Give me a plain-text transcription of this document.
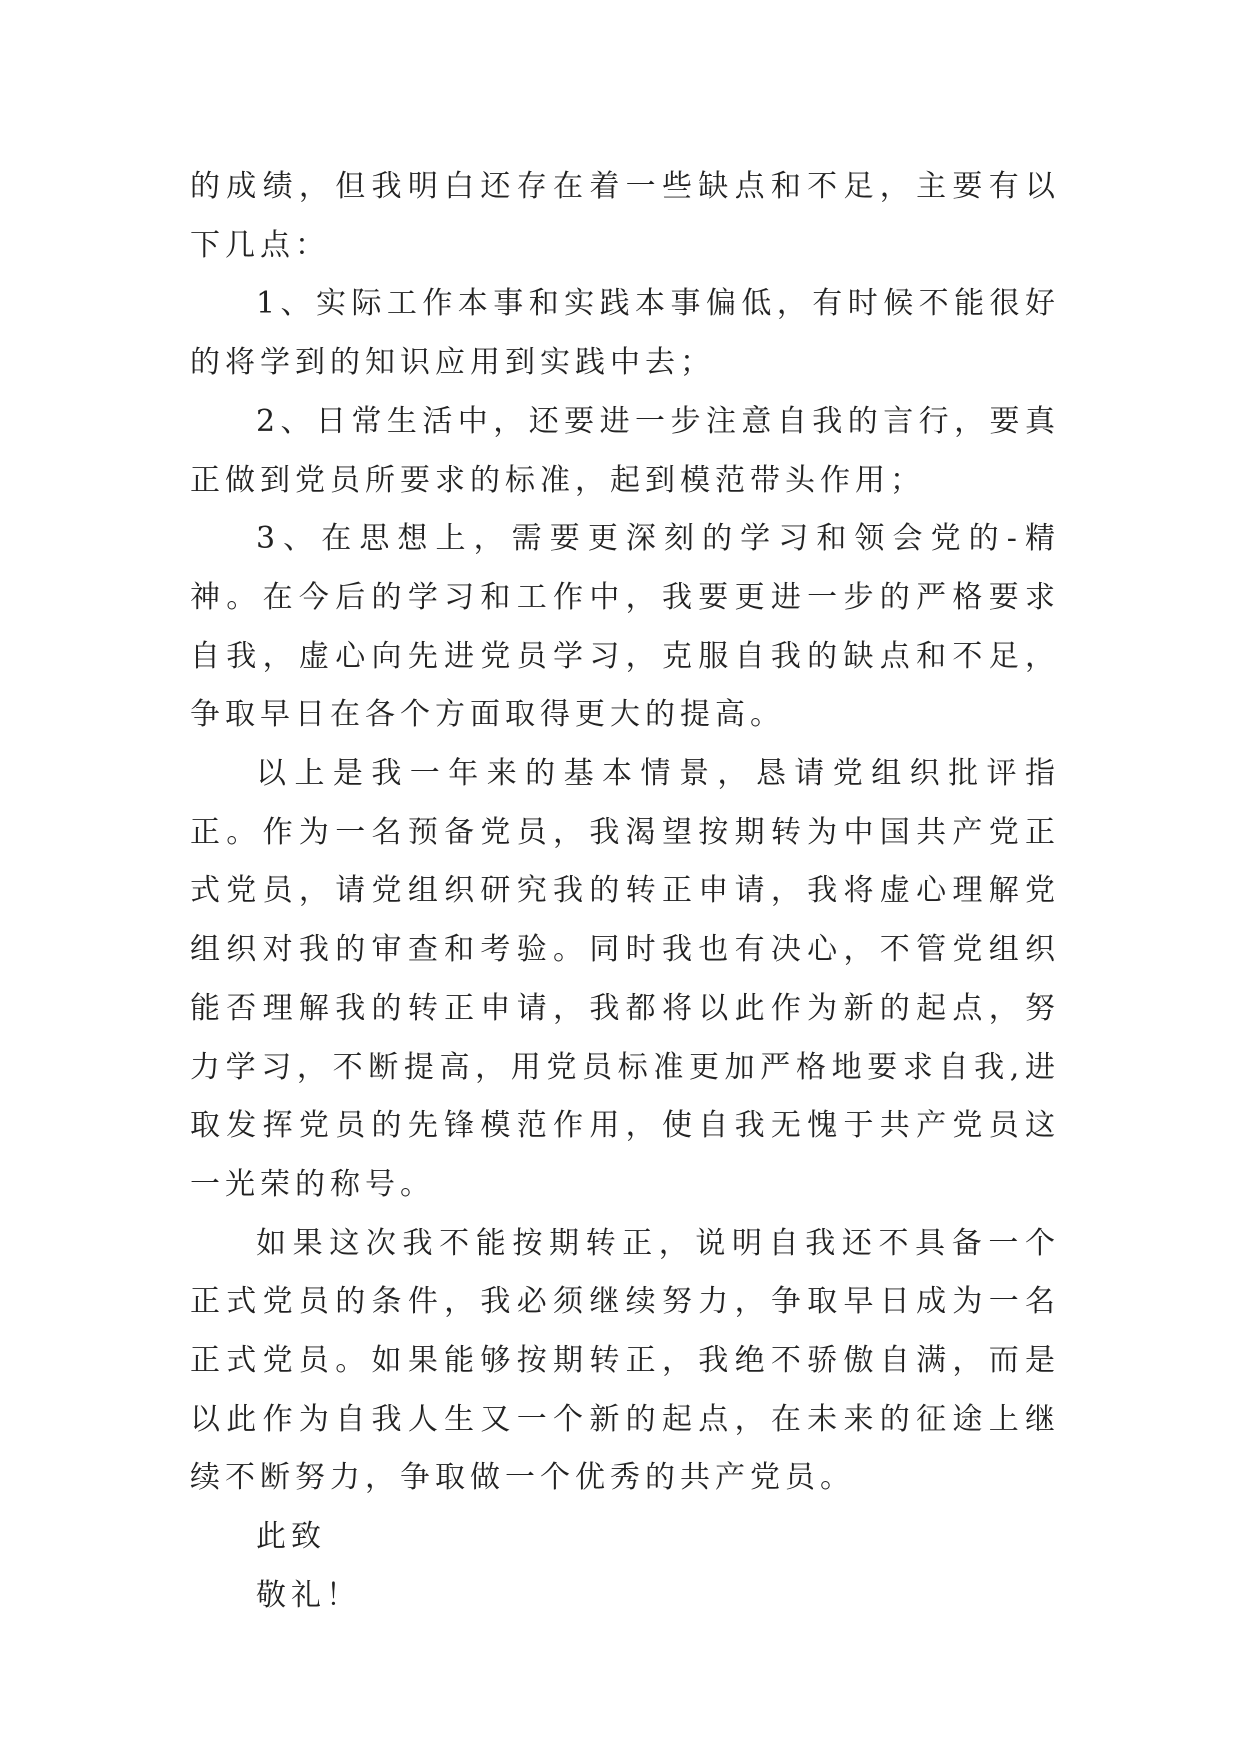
的成绩，但我明白还存在着一些缺点和不足，主要有以下几点：

1、实际工作本事和实践本事偏低，有时候不能很好的将学到的知识应用到实践中去；

2、日常生活中，还要进一步注意自我的言行，要真正做到党员所要求的标准，起到模范带头作用；

3、在思想上，需要更深刻的学习和领会党的-精神。在今后的学习和工作中，我要更进一步的严格要求自我，虚心向先进党员学习，克服自我的缺点和不足，争取早日在各个方面取得更大的提高。

以上是我一年来的基本情景，恳请党组织批评指正。作为一名预备党员，我渴望按期转为中国共产党正式党员，请党组织研究我的转正申请，我将虚心理解党组织对我的审查和考验。同时我也有决心，不管党组织能否理解我的转正申请，我都将以此作为新的起点，努力学习，不断提高，用党员标准更加严格地要求自我,进取发挥党员的先锋模范作用，使自我无愧于共产党员这一光荣的称号。

如果这次我不能按期转正，说明自我还不具备一个正式党员的条件，我必须继续努力，争取早日成为一名正式党员。如果能够按期转正，我绝不骄傲自满，而是以此作为自我人生又一个新的起点，在未来的征途上继续不断努力，争取做一个优秀的共产党员。

此致

敬礼！
